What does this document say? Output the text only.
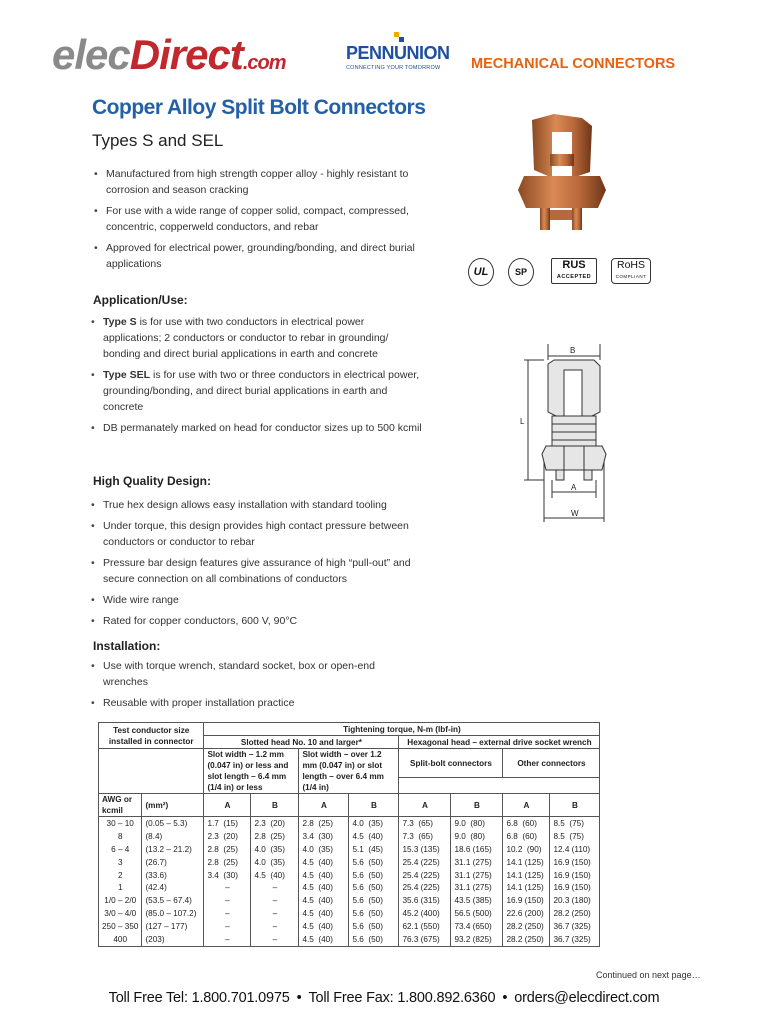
elecDirect.com	PENNUNION
CONNECTING YOUR TOMORROW	MECHANICAL CONNECTORS
Copper Alloy Split Bolt Connectors
Types S and SEL
• Manufactured from high strength copper alloy - highly resistant to corrosion and season cracking
• For use with a wide range of copper solid, compact, compressed, concentric, copperweld conductors, and rebar
• Approved for electrical power, grounding/bonding, and direct burial applications
UL	SP
RUS
ACCEPTED
RoHS
COMPLIANT
B
L
A
W
Application/Use:
• Type S is for use with two conductors in electrical power applications; 2 conductors or conductor to rebar in grounding/ bonding and direct burial applications in earth and concrete
• Type SEL is for use with two or three conductors in electrical power, grounding/bonding, and direct burial applications in earth and concrete
• DB permanately marked on head for conductor sizes up to 500 kcmil
High Quality Design:
• True hex design allows easy installation with standard tooling
• Under torque, this design provides high contact pressure between conductors or conductor to rebar
• Pressure bar design features give assurance of high “pull-out” and secure connection on all combinations of conductors
• Wide wire range
• Rated for copper conductors, 600 V, 90°C
Installation:
• Use with torque wrench, standard socket, box or open-end wrenches
• Reusable with proper installation practice
Test conductor size installed in connector		Tightening torque, N-m (lbf-in)							
		Slotted head No. 10 and larger*				Hexagonal head – external drive socket wrench			
		Slot width – 1.2 mm (0.047 in) or less and slot length – 6.4 mm (1/4 in) or less		Slot width – over 1.2 mm (0.047 in) or slot length – over 6.4 mm (1/4 in)					
						Split-bolt connectors		Other connectors	

AWG or kcmil	(mm²)	A	B	A	B	A	B	A	B
30 – 10	(0.05 – 5.3)	1.7  (15)	2.3  (20)	2.8  (25)	4.0  (35)	7.3  (65)	9.0  (80)	6.8  (60)	8.5  (75)
8	(8.4)	2.3  (20)	2.8  (25)	3.4  (30)	4.5  (40)	7.3  (65)	9.0  (80)	6.8  (60)	8.5  (75)
6 – 4	(13.2 – 21.2)	2.8  (25)	4.0  (35)	4.0  (35)	5.1  (45)	15.3 (135)	18.6 (165)	10.2  (90)	12.4 (110)
3	(26.7)	2.8  (25)	4.0  (35)	4.5  (40)	5.6  (50)	25.4 (225)	31.1 (275)	14.1 (125)	16.9 (150)
2	(33.6)	3.4  (30)	4.5  (40)	4.5  (40)	5.6  (50)	25.4 (225)	31.1 (275)	14.1 (125)	16.9 (150)
1	(42.4)	–	–	4.5  (40)	5.6  (50)	25.4 (225)	31.1 (275)	14.1 (125)	16.9 (150)
1/0 – 2/0	(53.5 – 67.4)	–	–	4.5  (40)	5.6  (50)	35.6 (315)	43.5 (385)	16.9 (150)	20.3 (180)
3/0 – 4/0	(85.0 – 107.2)	–	–	4.5  (40)	5.6  (50)	45.2 (400)	56.5 (500)	22.6 (200)	28.2 (250)
250 – 350	(127 – 177)	–	–	4.5  (40)	5.6  (50)	62.1 (550)	73.4 (650)	28.2 (250)	36.7 (325)
400	(203)	–	–	4.5  (40)	5.6  (50)	76.3 (675)	93.2 (825)	28.2 (250)	36.7 (325)
Continued on next page…
Toll Free Tel: 1.800.701.0975 • Toll Free Fax: 1.800.892.6360 • orders@elecdirect.com
